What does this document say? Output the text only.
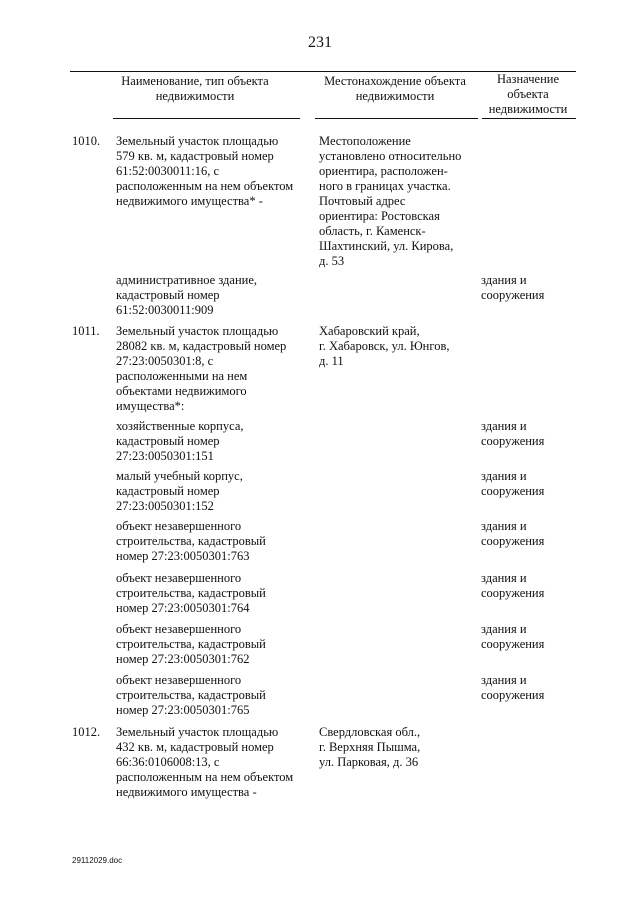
231
Наименование, тип объекта
недвижимости
Местонахождение объекта
недвижимости
Назначение
объекта
недвижимости
1010. Земельный участок площадью
579 кв. м, кадастровый номер
61:52:0030011:16, с
расположенным на нем объектом
недвижимого имущества* -
Местоположение
установлено относительно
ориентира, расположен-
ного в границах участка.
Почтовый адрес
ориентира: Ростовская
область, г. Каменск-
Шахтинский, ул. Кирова,
д. 53
административное здание,
кадастровый номер
61:52:0030011:909
здания и
сооружения
1011. Земельный участок площадью
28082 кв. м, кадастровый номер
27:23:0050301:8, с
расположенными на нем
объектами недвижимого
имущества*:
Хабаровский край,
г. Хабаровск, ул. Юнгов,
д. 11
хозяйственные корпуса,
кадастровый номер
27:23:0050301:151
здания и
сооружения
малый учебный корпус,
кадастровый номер
27:23:0050301:152
здания и
сооружения
объект незавершенного
строительства, кадастровый
номер 27:23:0050301:763
здания и
сооружения
объект незавершенного
строительства, кадастровый
номер 27:23:0050301:764
здания и
сооружения
объект незавершенного
строительства, кадастровый
номер 27:23:0050301:762
здания и
сооружения
объект незавершенного
строительства, кадастровый
номер 27:23:0050301:765
здания и
сооружения
1012. Земельный участок площадью
432 кв. м, кадастровый номер
66:36:0106008:13, с
расположенным на нем объектом
недвижимого имущества -
Свердловская обл.,
г. Верхняя Пышма,
ул. Парковая, д. 36
29112029.doc
